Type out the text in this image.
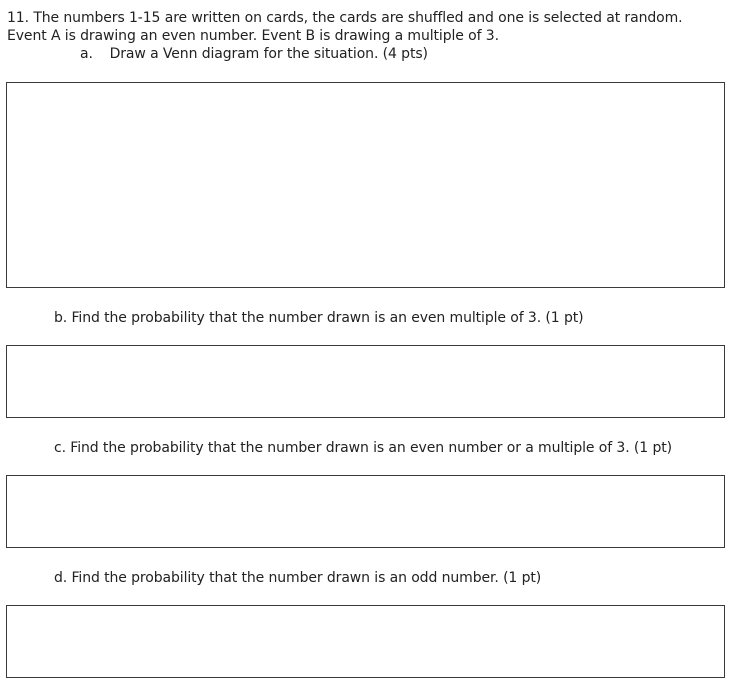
11. The numbers 1-15 are written on cards, the cards are shuffled and one is selected at random.
Event A is drawing an even number. Event B is drawing a multiple of 3.
a. Draw a Venn diagram for the situation. (4 pts)
b. Find the probability that the number drawn is an even multiple of 3. (1 pt)
c. Find the probability that the number drawn is an even number or a multiple of 3. (1 pt)
d. Find the probability that the number drawn is an odd number. (1 pt)
